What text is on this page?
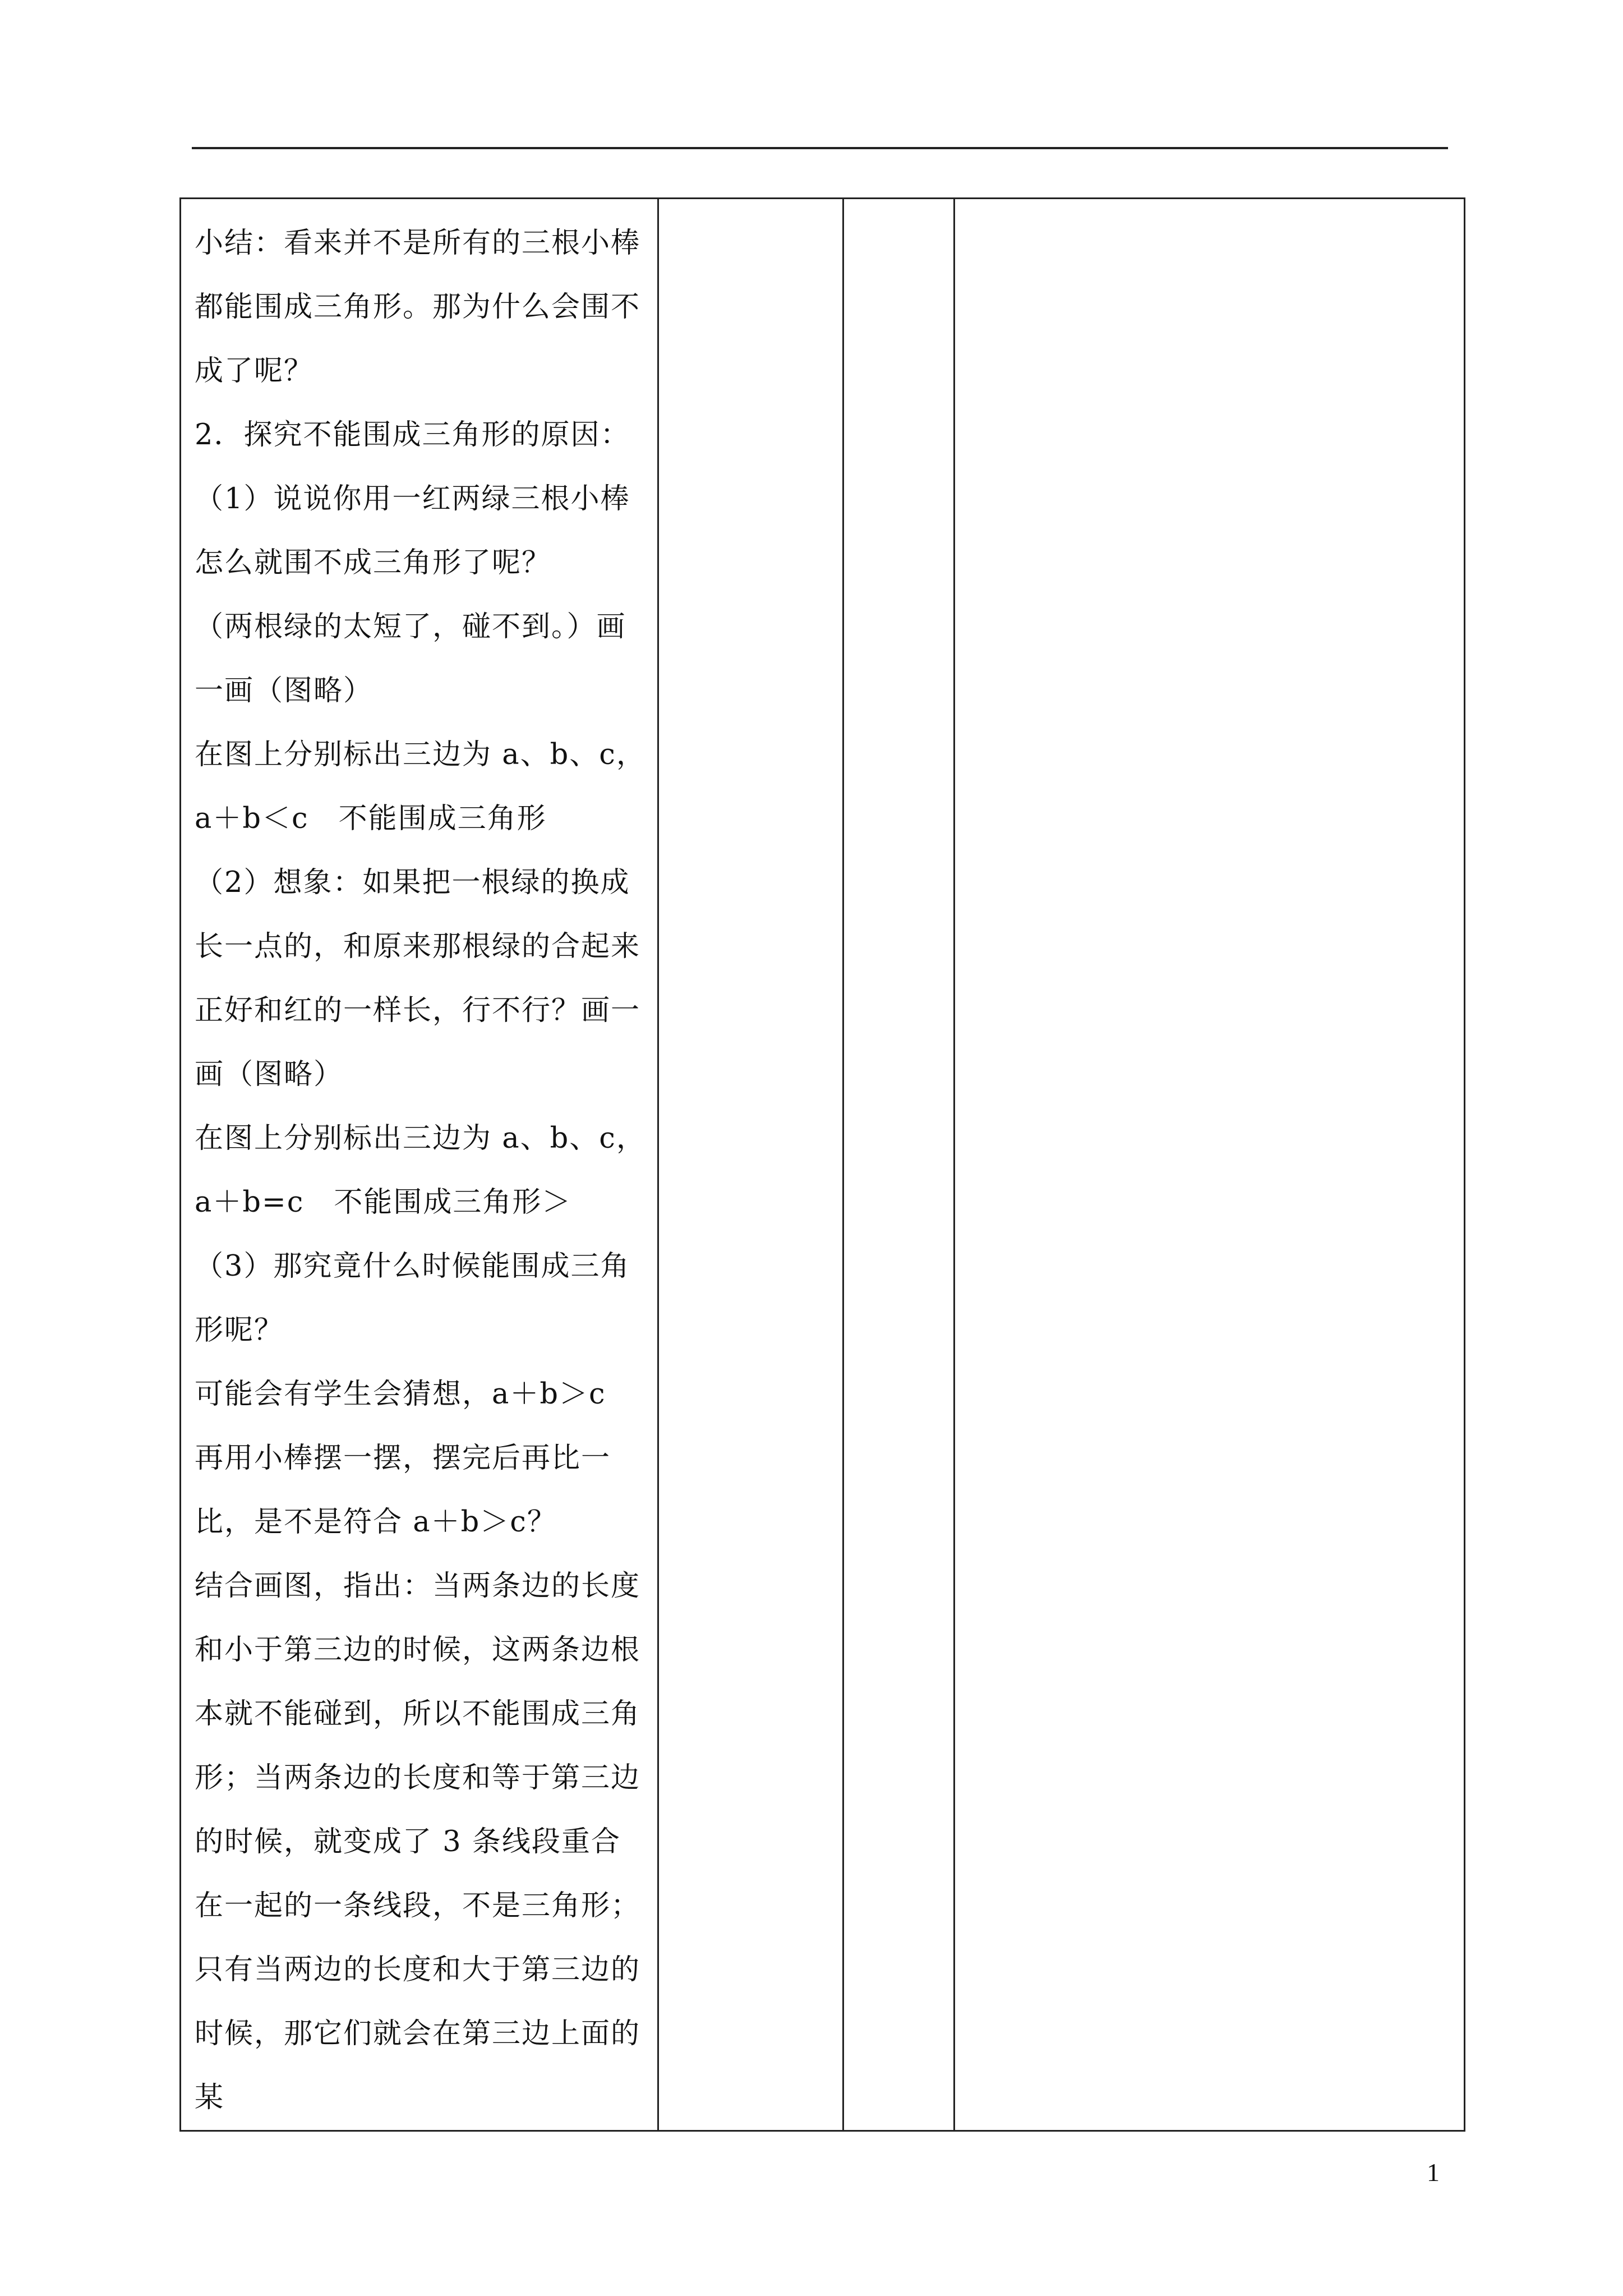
小结：看来并不是所有的三根小棒都能围成三角形。那为什么会围不成了呢？

2．探究不能围成三角形的原因：

（1）说说你用一红两绿三根小棒怎么就围不成三角形了呢？

（两根绿的太短了，碰不到。）画一画（图略）

在图上分别标出三边为 a、b、c，a＋b＜c　不能围成三角形

（2）想象：如果把一根绿的换成长一点的，和原来那根绿的合起来正好和红的一样长，行不行？画一画（图略）

在图上分别标出三边为 a、b、c，a＋b=c　不能围成三角形＞

（3）那究竟什么时候能围成三角形呢？

可能会有学生会猜想，a＋b＞c

再用小棒摆一摆，摆完后再比一比，是不是符合 a＋b＞c？

结合画图，指出：当两条边的长度和小于第三边的时候，这两条边根本就不能碰到，所以不能围成三角形；当两条边的长度和等于第三边的时候，就变成了 3 条线段重合在一起的一条线段，不是三角形；只有当两边的长度和大于第三边的时候，那它们就会在第三边上面的某

1
